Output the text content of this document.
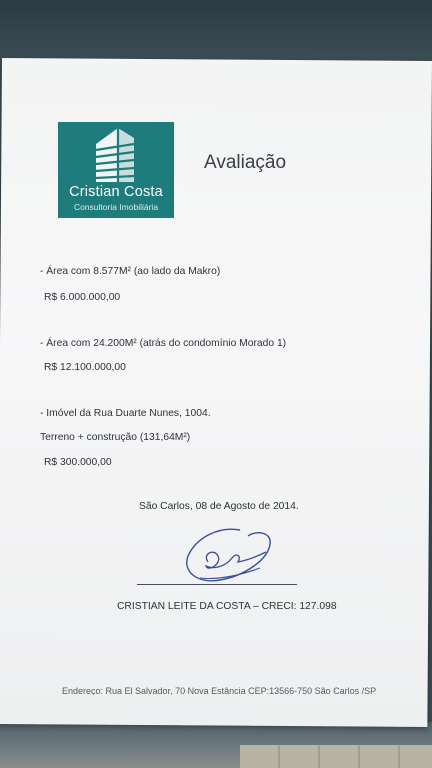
Cristian Costa
Consultoria Imobiliária
Avaliação
- Área com 8.577M² (ao lado da Makro)
R$ 6.000.000,00
- Área com 24.200M² (atrás do condomínio Morado 1)
R$ 12.100.000,00
- Imóvel da Rua Duarte Nunes, 1004.
Terreno + construção (131,64M²)
R$ 300.000,00
São Carlos, 08 de Agosto de 2014.
CRISTIAN LEITE DA COSTA – CRECI: 127.098
Endereço: Rua El Salvador, 70 Nova Estância CEP:13566-750 São Carlos /SP
